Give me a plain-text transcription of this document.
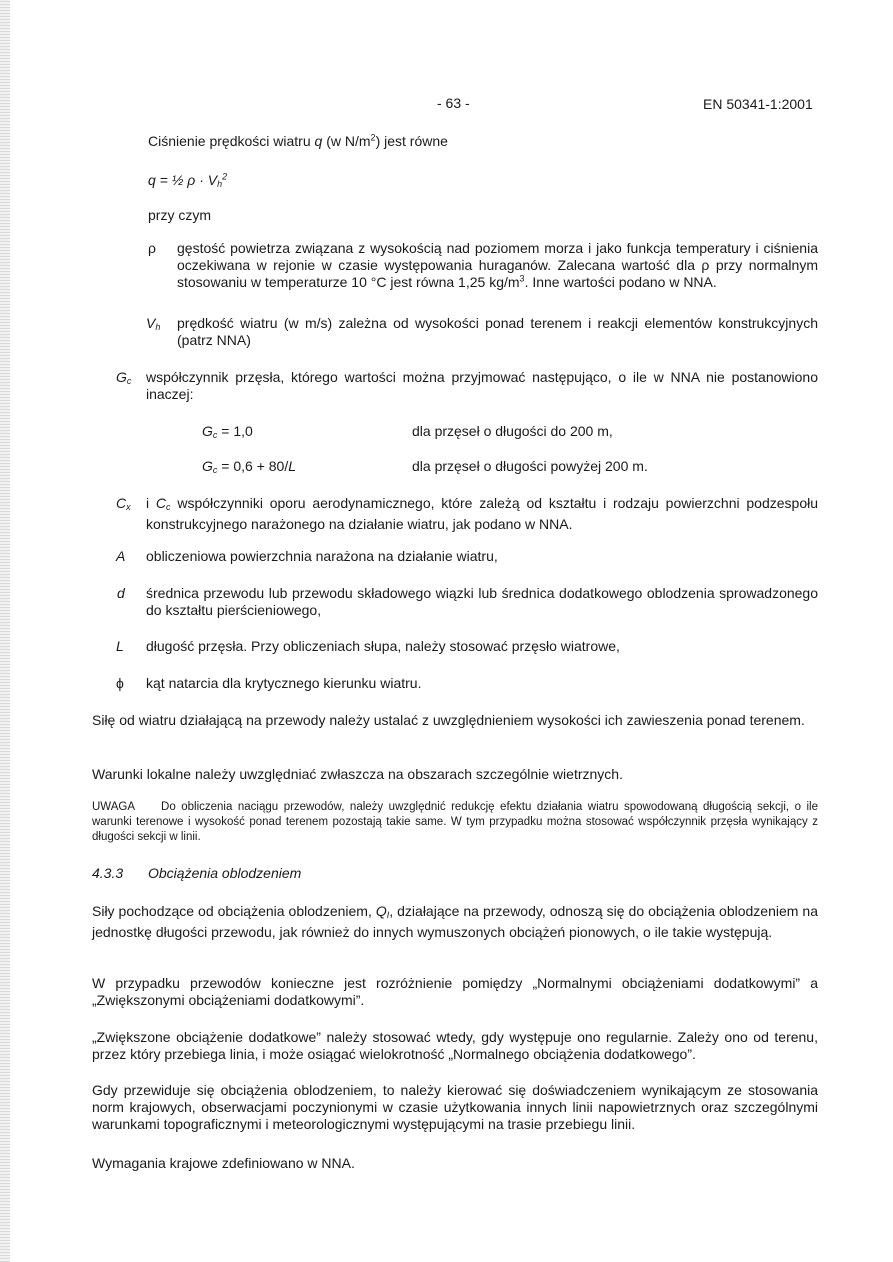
- 63 -	EN 50341-1:2001
Ciśnienie prędkości wiatru q (w $N/m^2$) jest równe
q = ½ $\rho \cdot Vh^2$
przy czym
ρ gęstość powietrza związana z wysokością nad poziomem morza i jako funkcja temperatury i ciśnienia oczekiwana w rejonie w czasie występowania huraganów. Zalecana wartość dla ρ przy normalnym stosowaniu w temperaturze 10 °C jest równa 1,25 $kg/m^3$. Inne wartości podano w NNA.
$V_h$ prędkość wiatru (w m/s) zależna od wysokości ponad terenem i reakcji elementów konstrukcyjnych (patrz NNA)
$G_c$ współczynnik przęsła, którego wartości można przyjmować następująco, o ile w NNA nie postanowiono inaczej:
$G_c = 1,0$	dla przęseł o długości do 200 m,
$G_c = 0,6 + 80/L$	dla przęseł o długości powyżej 200 m.
$C_x$ i $C_c$ współczynniki oporu aerodynamicznego, które zależą od kształtu i rodzaju powierzchni podzespołu konstrukcyjnego narażonego na działanie wiatru, jak podano w NNA.
A obliczeniowa powierzchnia narażona na działanie wiatru,
d średnica przewodu lub przewodu składowego wiązki lub średnica dodatkowego oblodzenia sprowadzonego do kształtu pierścieniowego,
L długość przęsła. Przy obliczeniach słupa, należy stosować przęsło wiatrowe,
ϕ kąt natarcia dla krytycznego kierunku wiatru.
Siłę od wiatru działającą na przewody należy ustalać z uwzględnieniem wysokości ich zawieszenia ponad terenem.
Warunki lokalne należy uwzględniać zwłaszcza na obszarach szczególnie wietrznych.
UWAGA Do obliczenia naciągu przewodów, należy uwzględnić redukcję efektu działania wiatru spowodowaną długością sekcji, o ile warunki terenowe i wysokość ponad terenem pozostają takie same. W tym przypadku można stosować współczynnik przęsła wynikający z długości sekcji w linii.
4.3.3 Obciążenia oblodzeniem
Siły pochodzące od obciążenia oblodzeniem, $Q_I$, działające na przewody, odnoszą się do obciążenia oblodzeniem na jednostkę długości przewodu, jak również do innych wymuszonych obciążeń pionowych, o ile takie występują.
W przypadku przewodów konieczne jest rozróżnienie pomiędzy „Normalnymi obciążeniami dodatkowymi” a „Zwiększonymi obciążeniami dodatkowymi”.
„Zwiększone obciążenie dodatkowe” należy stosować wtedy, gdy występuje ono regularnie. Zależy ono od terenu, przez który przebiega linia, i może osiągać wielokrotność „Normalnego obciążenia dodatkowego”.
Gdy przewiduje się obciążenia oblodzeniem, to należy kierować się doświadczeniem wynikającym ze stosowania norm krajowych, obserwacjami poczynionymi w czasie użytkowania innych linii napowietrznych oraz szczególnymi warunkami topograficznymi i meteorologicznymi występującymi na trasie przebiegu linii.
Wymagania krajowe zdefiniowano w NNA.
